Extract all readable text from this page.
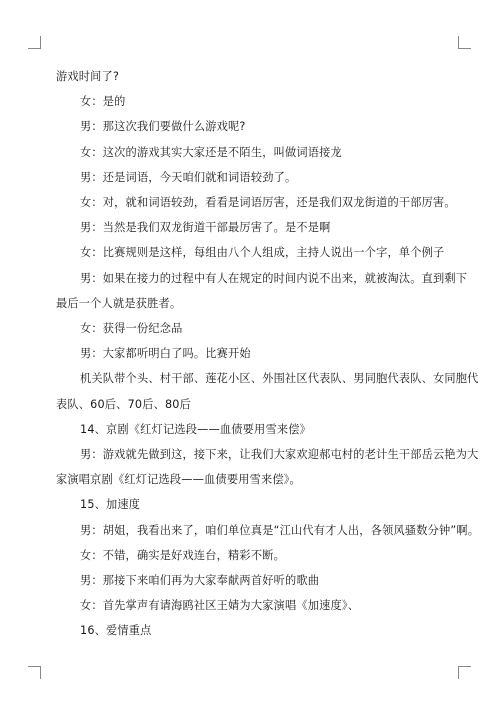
游戏时间了?

女：是的

男：那这次我们要做什么游戏呢?

女：这次的游戏其实大家还是不陌生，叫做词语接龙

男：还是词语，今天咱们就和词语较劲了。

女：对，就和词语较劲，看看是词语厉害，还是我们双龙街道的干部厉害。

男：当然是我们双龙街道干部最厉害了。是不是啊

女：比赛规则是这样，每组由八个人组成，主持人说出一个字，单个例子

男：如果在接力的过程中有人在规定的时间内说不出来，就被淘汰。直到剩下

最后一个人就是获胜者。

女：获得一份纪念品

男：大家都听明白了吗。比赛开始

机关队带个头、村干部、莲花小区、外围社区代表队、男同胞代表队、女同胞代

表队、60后、70后、80后

14、京剧《红灯记选段——血债要用雪来偿》

男：游戏就先做到这，接下来，让我们大家欢迎郝屯村的老计生干部岳云艳为大

家演唱京剧《红灯记选段——血债要用雪来偿》。

15、加速度

男：胡姐，我看出来了，咱们单位真是“江山代有才人出，各领风骚数分钟”啊。

女：不错，确实是好戏连台，精彩不断。

男：那接下来咱们再为大家奉献两首好听的歌曲

女：首先掌声有请海鸥社区王婧为大家演唱《加速度》、

16、爱情重点
